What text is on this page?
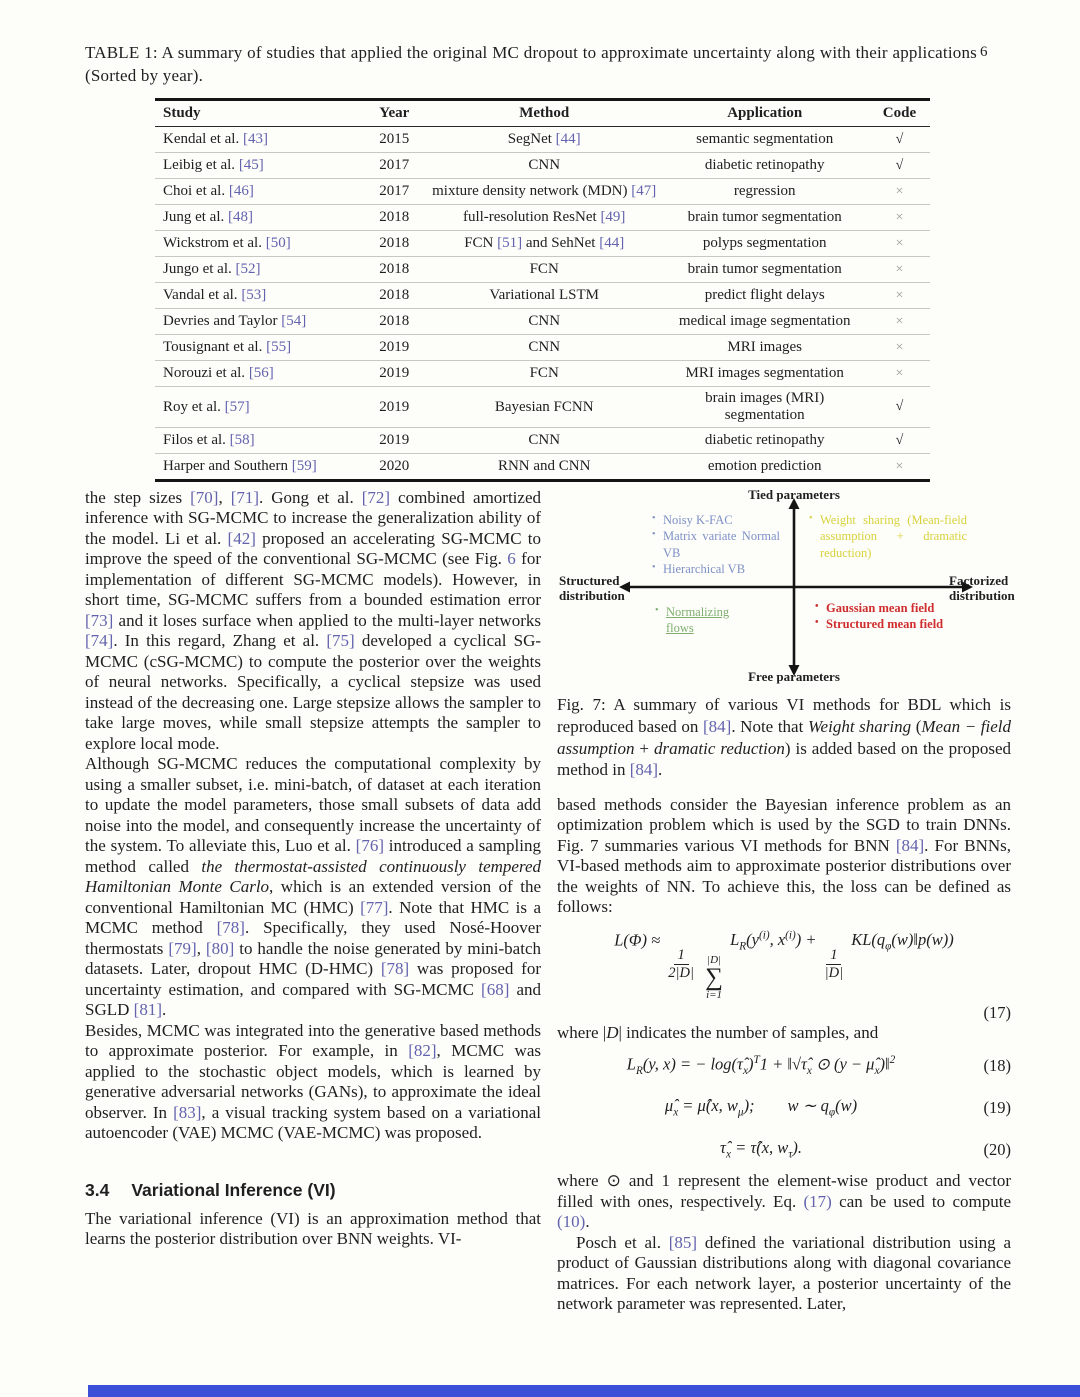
TABLE 1: A summary of studies that applied the original MC dropout to approximate uncertainty along with their applications (Sorted by year).
6
Study	Year	Method	Application	Code
Kendal et al. [43]	2015	SegNet [44]	semantic segmentation	√
Leibig et al. [45]	2017	CNN	diabetic retinopathy	√
Choi et al. [46]	2017	mixture density network (MDN) [47]	regression	×
Jung et al. [48]	2018	full-resolution ResNet [49]	brain tumor segmentation	×
Wickstrom et al. [50]	2018	FCN [51] and SehNet [44]	polyps segmentation	×
Jungo et al. [52]	2018	FCN	brain tumor segmentation	×
Vandal et al. [53]	2018	Variational LSTM	predict flight delays	×
Devries and Taylor [54]	2018	CNN	medical image segmentation	×
Tousignant et al. [55]	2019	CNN	MRI images	×
Norouzi et al. [56]	2019	FCN	MRI images segmentation	×
Roy et al. [57]	2019	Bayesian FCNN	brain images (MRI) segmentation	√
Filos et al. [58]	2019	CNN	diabetic retinopathy	√
Harper and Southern [59]	2020	RNN and CNN	emotion prediction	×

the step sizes [70], [71]. Gong et al. [72] combined amortized inference with SG-MCMC to increase the generalization ability of the model. Li et al. [42] proposed an accelerating SG-MCMC to improve the speed of the conventional SG-MCMC (see Fig. 6 for implementation of different SG-MCMC models). However, in short time, SG-MCMC suffers from a bounded estimation error [73] and it loses surface when applied to the multi-layer networks [74]. In this regard, Zhang et al. [75] developed a cyclical SG-MCMC (cSG-MCMC) to compute the posterior over the weights of neural networks. Specifically, a cyclical stepsize was used instead of the decreasing one. Large stepsize allows the sampler to take large moves, while small stepsize attempts the sampler to explore local mode.

Although SG-MCMC reduces the computational complexity by using a smaller subset, i.e. mini-batch, of dataset at each iteration to update the model parameters, those small subsets of data add noise into the model, and consequently increase the uncertainty of the system. To alleviate this, Luo et al. [76] introduced a sampling method called the thermostat-assisted continuously tempered Hamiltonian Monte Carlo, which is an extended version of the conventional Hamiltonian MC (HMC) [77]. Note that HMC is a MCMC method [78]. Specifically, they used Nosé-Hoover thermostats [79], [80] to handle the noise generated by mini-batch datasets. Later, dropout HMC (D-HMC) [78] was proposed for uncertainty estimation, and compared with SG-MCMC [68] and SGLD [81].

Besides, MCMC was integrated into the generative based methods to approximate posterior. For example, in [82], MCMC was applied to the stochastic object models, which is learned by generative adversarial networks (GANs), to approximate the ideal observer. In [83], a visual tracking system based on a variational autoencoder (VAE) MCMC (VAE-MCMC) was proposed.

3.4 Variational Inference (VI)

The variational inference (VI) is an approximation method that learns the posterior distribution over BNN weights. VI-

Tied parameters
Free parameters
Structured distribution
Factorized distribution
• Noisy K-FAC
• Matrix variate Normal VB
• Hierarchical VB
• Weight sharing (Mean-field assumption + dramatic reduction)
• Normalizing flows
• Gaussian mean field
• Structured mean field
Fig. 7: A summary of various VI methods for BDL which is reproduced based on [84]. Note that Weight sharing (Mean − field assumption + dramatic reduction) is added based on the proposed method in [84].

based methods consider the Bayesian inference problem as an optimization problem which is used by the SGD to train DNNs. Fig. 7 summaries various VI methods for BNN [84]. For BNNs, VI-based methods aim to approximate posterior distributions over the weights of NN. To achieve this, the loss can be defined as follows:

L(Φ) ≈
$\frac{1}{2|D|}$
|D|
∑
i=1
$L_R(y^{(i)}$, $x^{(i)}$) +
$\frac{1}{|D|}$
$KL(q_\varphi(w)‖p(w))$
(17)

where |D| indicates the number of samples, and

$L_R(y$, x) = − $\log(\taû_x)^T1$ + $‖√\taû_x$ ⊙ $(y - \mû_x)‖^2$	(18)
$\mû_x$ = μ̂(x, $w_\mu$);  w ∼ $q_\varphi(w)$	(19)
$\taû_x$ = τ̂(x, $w_\tau$).	(20)

where ⊙ and 1 represent the element-wise product and vector filled with ones, respectively. Eq. (17) can be used to compute (10).

Posch et al. [85] defined the variational distribution using a product of Gaussian distributions along with diagonal covariance matrices. For each network layer, a posterior uncertainty of the network parameter was represented. Later,
